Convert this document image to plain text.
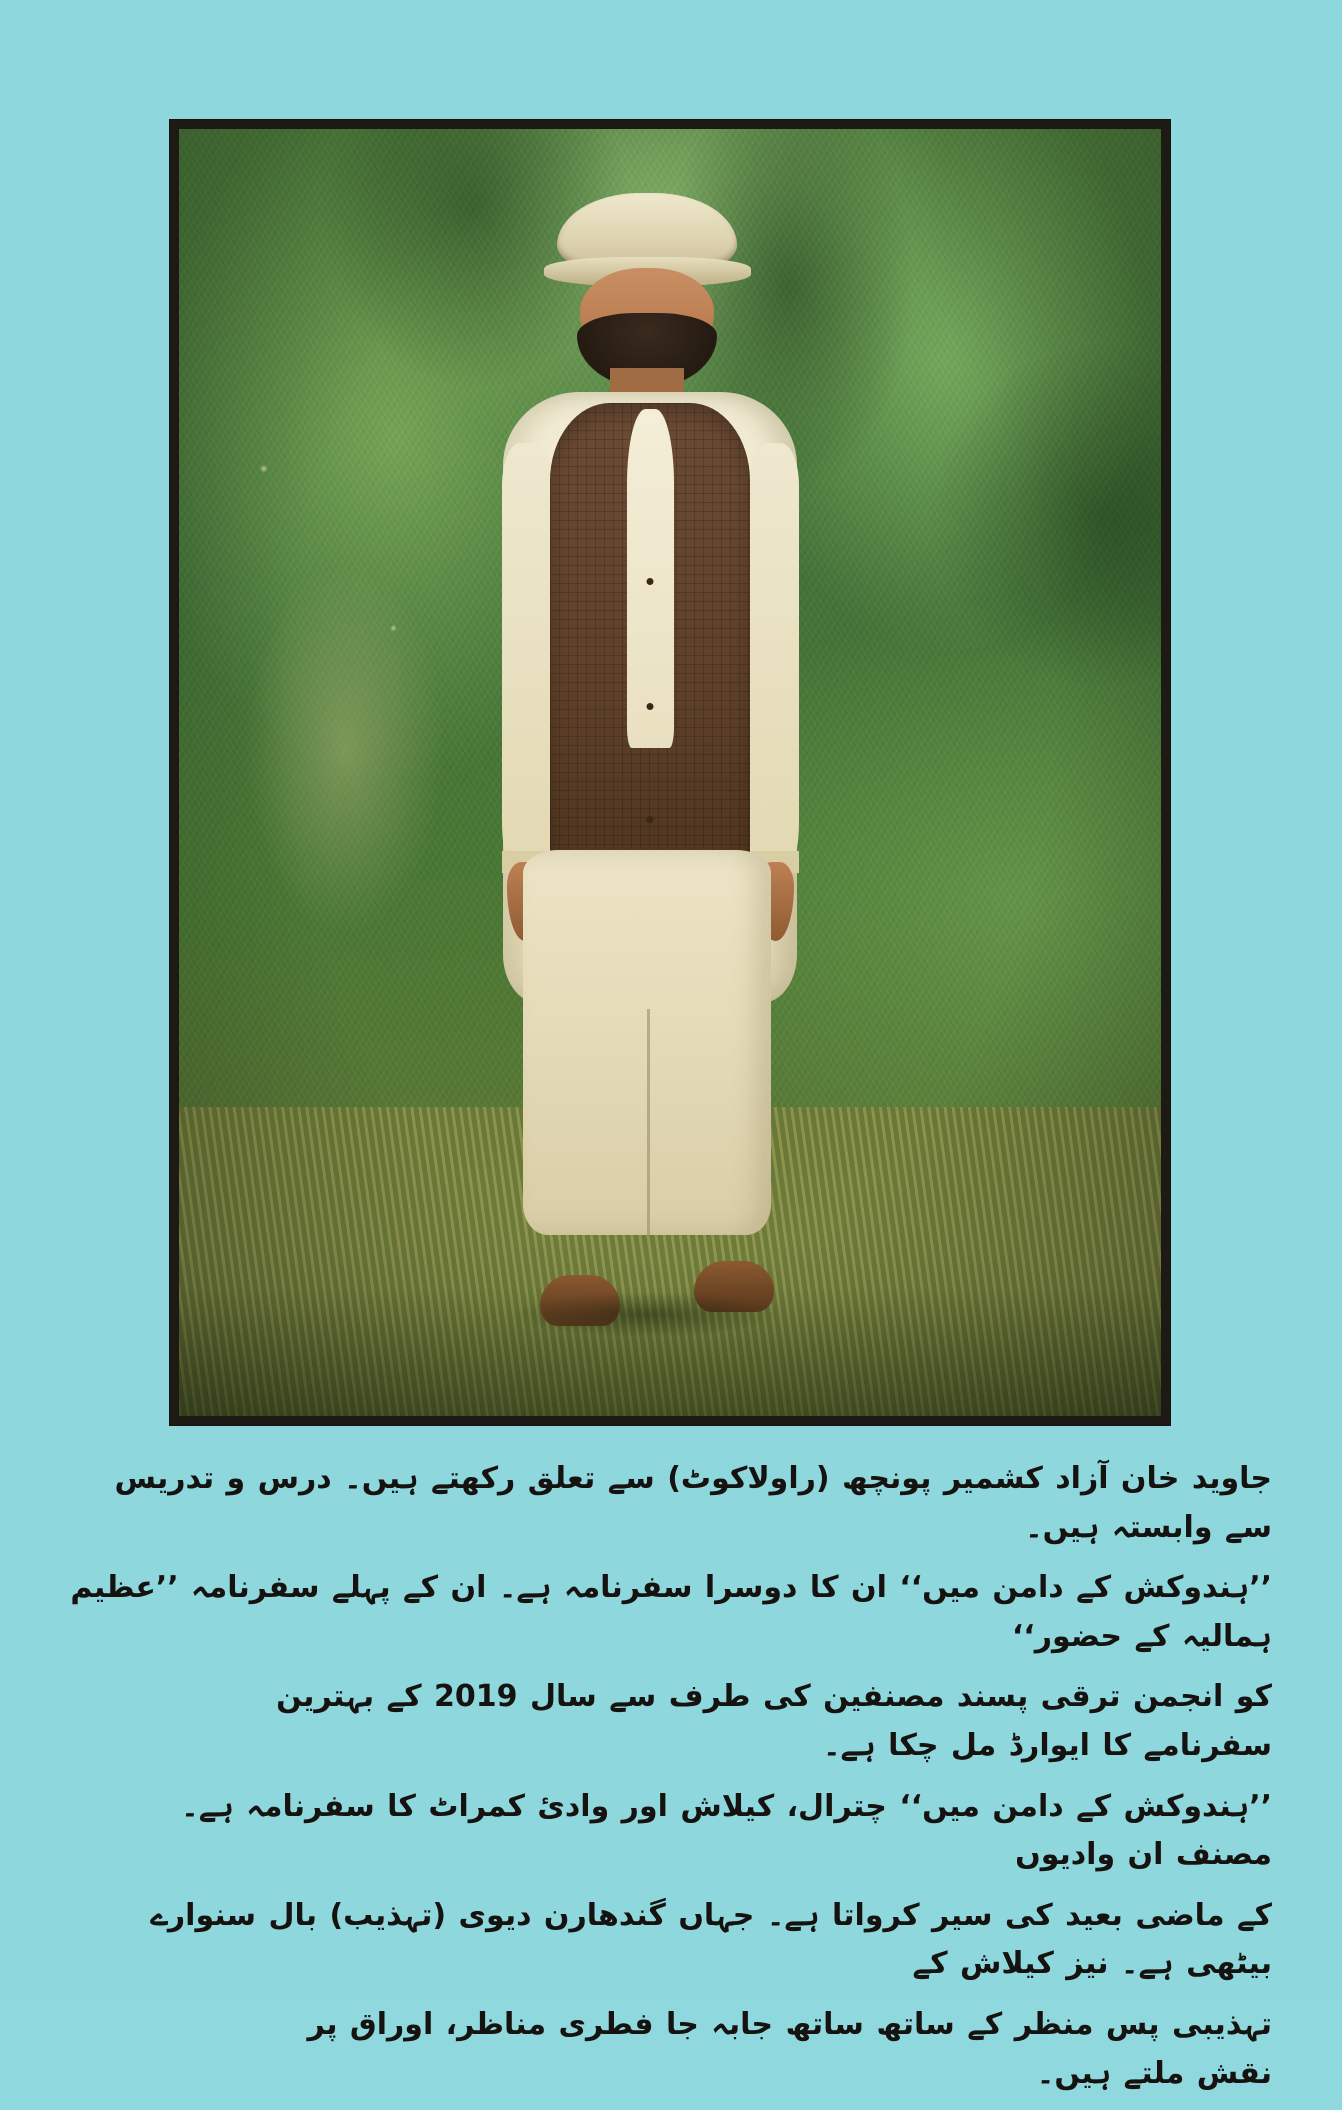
جاوید خان آزاد کشمیر پونچھ (راولاکوٹ) سے تعلق رکھتے ہیں۔ درس و تدریس سے وابستہ ہیں۔

’’ہندوکش کے دامن میں‘‘ ان کا دوسرا سفرنامہ ہے۔ ان کے پہلے سفرنامہ ’’عظیم ہمالیہ کے حضور‘‘

کو انجمن ترقی پسند مصنفین کی طرف سے سال 2019 کے بہترین سفرنامے کا ایوارڈ مل چکا ہے۔

’’ہندوکش کے دامن میں‘‘ چترال، کیلاش اور وادئ کمراٹ کا سفرنامہ ہے۔ مصنف ان وادیوں

کے ماضی بعید کی سیر کرواتا ہے۔ جہاں گندھارن دیوی (تہذیب) بال سنوارے بیٹھی ہے۔ نیز کیلاش کے

تہذیبی پس منظر کے ساتھ ساتھ جابہ جا فطری مناظر، اوراق پر نقش ملتے ہیں۔
